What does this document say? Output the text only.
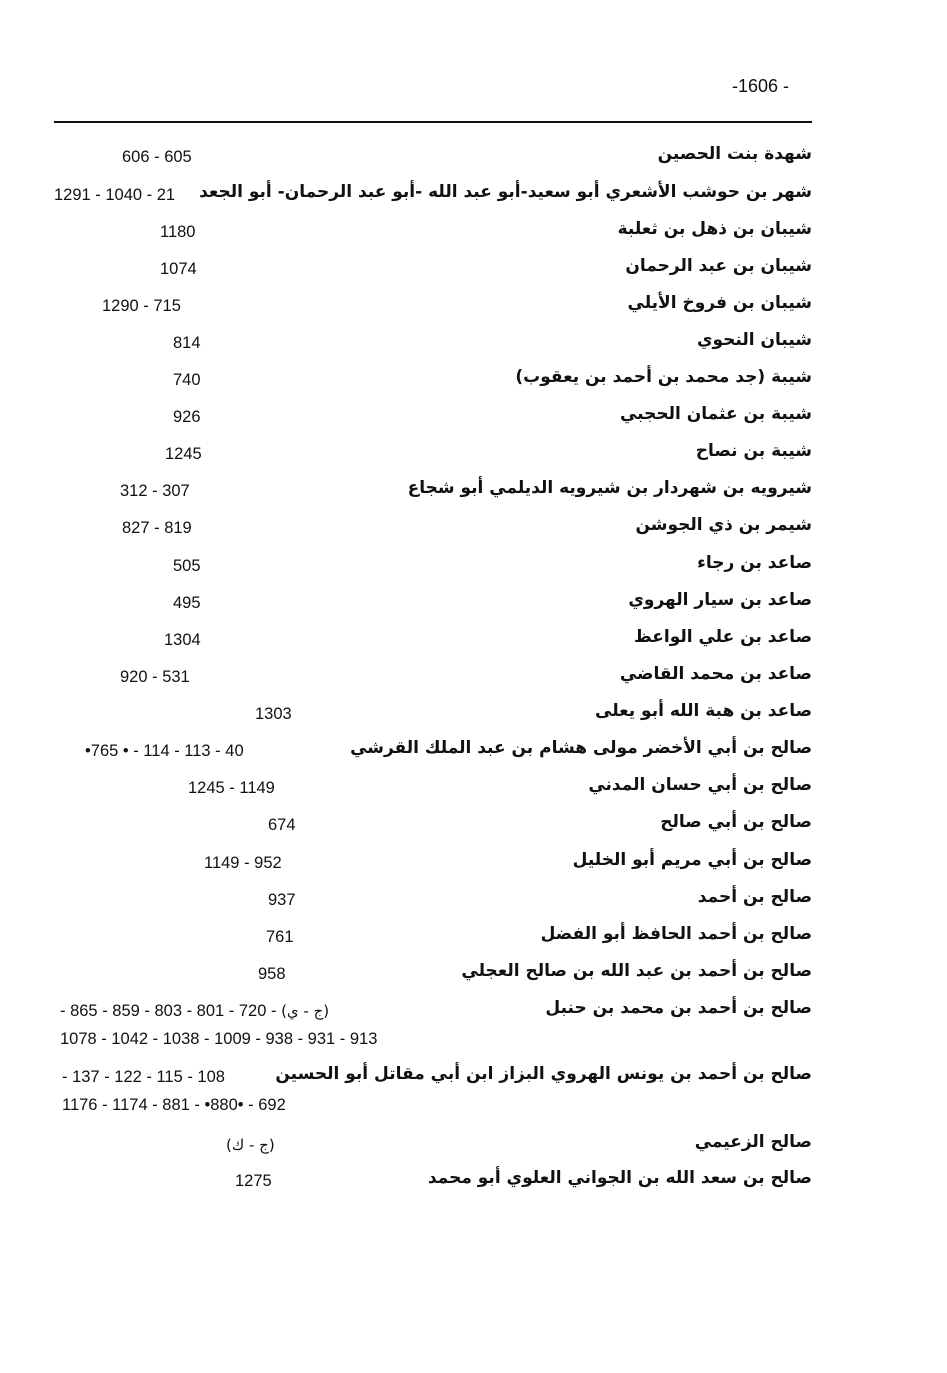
-1606 -
شهدة بنت الحصين
606 - 605
شهر بن حوشب الأشعري أبو سعيد-أبو عبد الله -أبو عبد الرحمان- أبو الجعد
1291 - 1040 - 21
شيبان بن ذهل بن ثعلبة
1180
شيبان بن عبد الرحمان
1074
شيبان بن فروخ الأيلي
1290 - 715
شيبان النحوي
814
شيبة (جد محمد بن أحمد بن يعقوب)
740
شيبة بن عثمان الحجبي
926
شيبة بن نصاح
1245
شيرويه بن شهردار بن شيرويه الديلمي أبو شجاع
312 - 307
شيمر بن ذي الجوشن
827 - 819
صاعد بن رجاء
505
صاعد بن سيار الهروي
495
صاعد بن علي الواعظ
1304
صاعد بن محمد القاضي
920 - 531
صاعد بن هبة الله أبو يعلى
1303
صالح بن أبي الأخضر مولى هشام بن عبد الملك القرشي
•765 • - 114 - 113 - 40
صالح بن أبي حسان المدني
1245 - 1149
صالح بن أبي صالح
674
صالح بن أبي مريم أبو الخليل
1149 - 952
صالح بن أحمد
937
صالح بن أحمد الحافظ أبو الفضل
761
صالح بن أحمد بن عبد الله بن صالح العجلي
958
صالح بن أحمد بن محمد بن حنبل
- 865 - 859 - 803 - 801 - 720 - (ج - ي)
1078 - 1042 - 1038 - 1009 - 938 - 931 - 913
صالح بن أحمد بن يونس الهروي البزاز ابن أبي مقاتل أبو الحسين
- 137 - 122 - 115 - 108
1176 - 1174 - 881 - •880• - 692
صالح الزعيمي
(ج - ك)
صالح بن سعد الله بن الجواني العلوي أبو محمد
1275
